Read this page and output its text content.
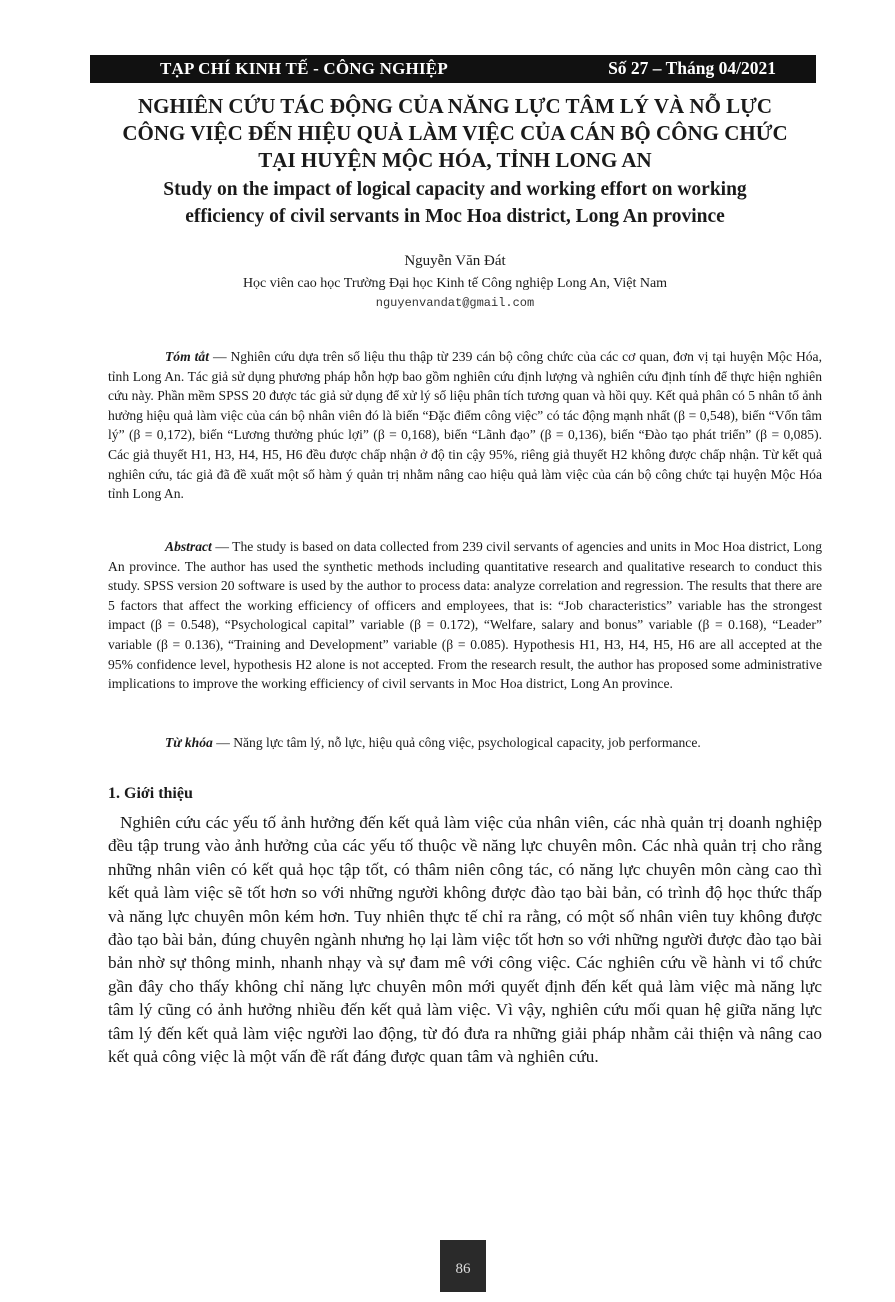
TẠP CHÍ KINH TẾ - CÔNG NGHIỆP	Số 27 – Tháng 04/2021
NGHIÊN CỨU TÁC ĐỘNG CỦA NĂNG LỰC TÂM LÝ VÀ NỖ LỰC
CÔNG VIỆC ĐẾN HIỆU QUẢ LÀM VIỆC CỦA CÁN BỘ CÔNG CHỨC
TẠI HUYỆN MỘC HÓA, TỈNH LONG AN
Study on the impact of logical capacity and working effort on working
efficiency of civil servants in Moc Hoa district, Long An province
Nguyễn Văn Đát
Học viên cao học Trường Đại học Kinh tế Công nghiệp Long An, Việt Nam
nguyenvandat@gmail.com
Tóm tắt — Nghiên cứu dựa trên số liệu thu thập từ 239 cán bộ công chức của các cơ quan, đơn vị tại huyện Mộc Hóa, tỉnh Long An. Tác giả sử dụng phương pháp hỗn hợp bao gồm nghiên cứu định lượng và nghiên cứu định tính để thực hiện nghiên cứu này. Phần mềm SPSS 20 được tác giả sử dụng để xử lý số liệu phân tích tương quan và hồi quy. Kết quả phân có 5 nhân tố ảnh hưởng hiệu quả làm việc của cán bộ nhân viên đó là biến “Đặc điểm công việc” có tác động mạnh nhất (β = 0,548), biến “Vốn tâm lý” (β = 0,172), biến “Lương thưởng phúc lợi” (β = 0,168), biến “Lãnh đạo” (β = 0,136), biến “Đào tạo phát triển” (β = 0,085). Các giả thuyết H1, H3, H4, H5, H6 đều được chấp nhận ở độ tin cậy 95%, riêng giả thuyết H2 không được chấp nhận. Từ kết quả nghiên cứu, tác giả đã đề xuất một số hàm ý quản trị nhằm nâng cao hiệu quả làm việc của cán bộ công chức tại huyện Mộc Hóa tỉnh Long An.
Abstract — The study is based on data collected from 239 civil servants of agencies and units in Moc Hoa district, Long An province. The author has used the synthetic methods including quantitative research and qualitative research to conduct this study. SPSS version 20 software is used by the author to process data: analyze correlation and regression. The results that there are 5 factors that affect the working efficiency of officers and employees, that is: “Job characteristics” variable has the strongest impact (β = 0.548), “Psychological capital” variable (β = 0.172), “Welfare, salary and bonus” variable (β = 0.168), “Leader” variable (β = 0.136), “Training and Development” variable (β = 0.085). Hypothesis H1, H3, H4, H5, H6 are all accepted at the 95% confidence level, hypothesis H2 alone is not accepted. From the research result, the author has proposed some administrative implications to improve the working efficiency of civil servants in Moc Hoa district, Long An province.
Từ khóa — Năng lực tâm lý, nỗ lực, hiệu quả công việc, psychological capacity, job performance.
1. Giới thiệu
Nghiên cứu các yếu tố ảnh hưởng đến kết quả làm việc của nhân viên, các nhà quản trị doanh nghiệp đều tập trung vào ảnh hưởng của các yếu tố thuộc về năng lực chuyên môn. Các nhà quản trị cho rằng những nhân viên có kết quả học tập tốt, có thâm niên công tác, có năng lực chuyên môn càng cao thì kết quả làm việc sẽ tốt hơn so với những người không được đào tạo bài bản, có trình độ học thức thấp và năng lực chuyên môn kém hơn. Tuy nhiên thực tế chỉ ra rằng, có một số nhân viên tuy không được đào tạo bài bản, đúng chuyên ngành nhưng họ lại làm việc tốt hơn so với những người được đào tạo bài bản nhờ sự thông minh, nhanh nhạy và sự đam mê với công việc. Các nghiên cứu về hành vi tổ chức gần đây cho thấy không chỉ năng lực chuyên môn mới quyết định đến kết quả làm việc mà năng lực tâm lý cũng có ảnh hưởng nhiều đến kết quả làm việc. Vì vậy, nghiên cứu mối quan hệ giữa năng lực tâm lý đến kết quả làm việc người lao động, từ đó đưa ra những giải pháp nhằm cải thiện và nâng cao kết quả công việc là một vấn đề rất đáng được quan tâm và nghiên cứu.
86
